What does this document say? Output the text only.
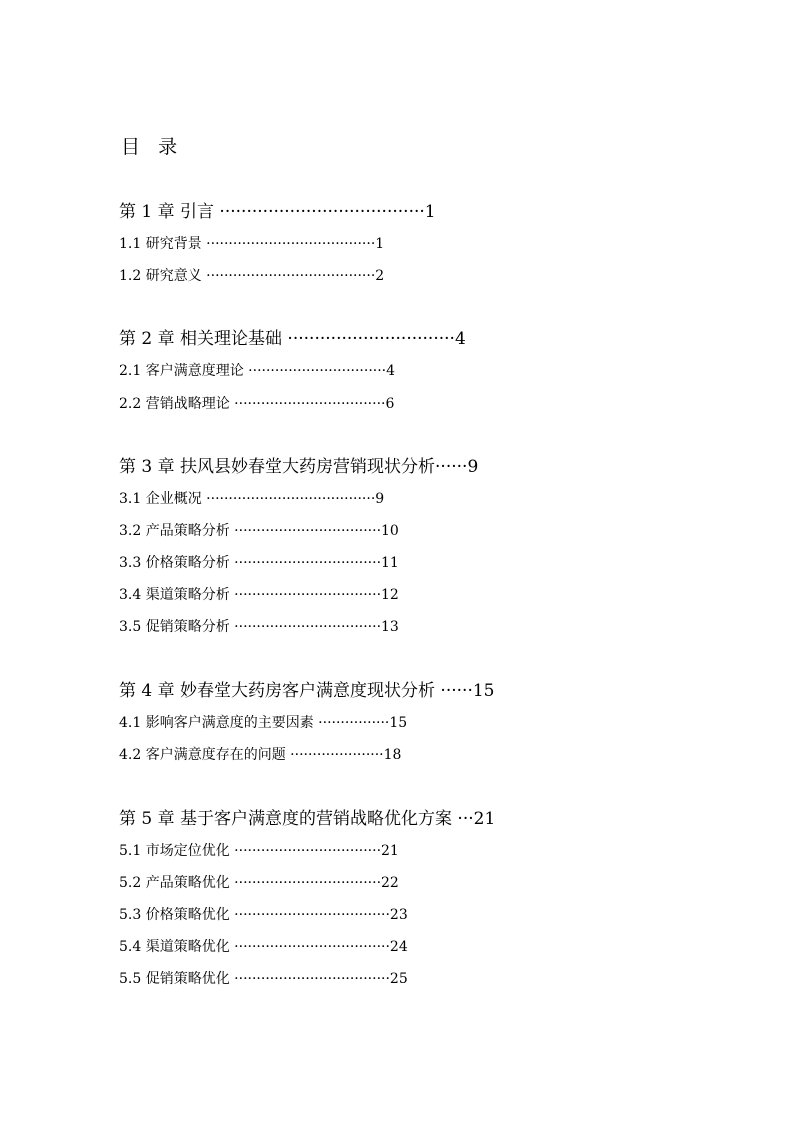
目  录
第 1 章 引言 ······································1
1.1 研究背景 ······································1
1.2 研究意义 ······································2
第 2 章 相关理论基础 ·······························4
2.1 客户满意度理论 ·······························4
2.2 营销战略理论 ··································6
第 3 章 扶风县妙春堂大药房营销现状分析······9
3.1 企业概况 ······································9
3.2 产品策略分析 ·································10
3.3 价格策略分析 ·································11
3.4 渠道策略分析 ·································12
3.5 促销策略分析 ·································13
第 4 章 妙春堂大药房客户满意度现状分析 ······15
4.1 影响客户满意度的主要因素 ················15
4.2 客户满意度存在的问题 ·····················18
第 5 章 基于客户满意度的营销战略优化方案 ···21
5.1 市场定位优化 ·································21
5.2 产品策略优化 ·································22
5.3 价格策略优化 ···································23
5.4 渠道策略优化 ···································24
5.5 促销策略优化 ···································25
